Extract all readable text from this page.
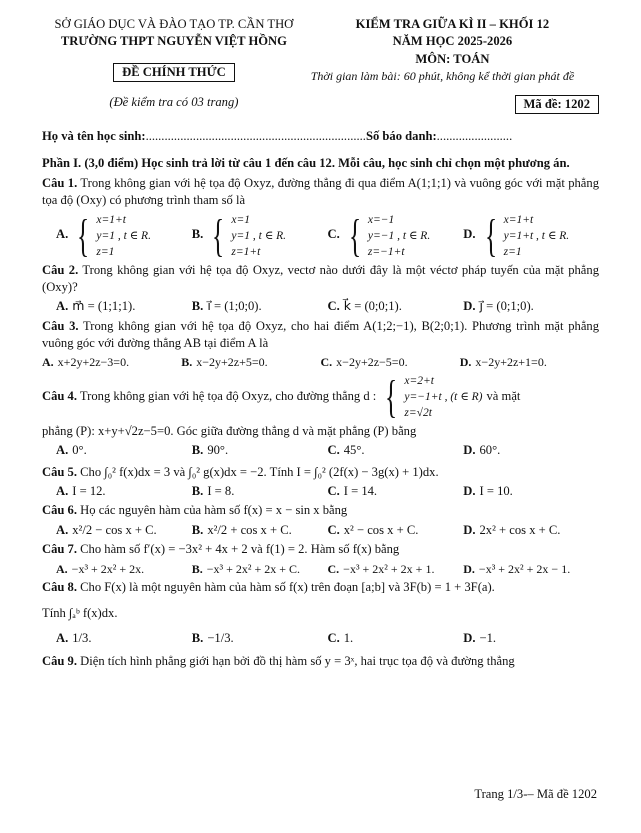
SỞ GIÁO DỤC VÀ ĐÀO TẠO TP. CẦN THƠ
TRƯỜNG THPT NGUYỄN VIỆT HỒNG
ĐỀ CHÍNH THỨC
(Đề kiểm tra có 03 trang)
KIỂM TRA GIỮA KÌ II – KHỐI 12
NĂM HỌC 2025-2026
MÔN: TOÁN
Thời gian làm bài: 60 phút, không kể thời gian phát đề
Mã đề: 1202
Họ và tên học sinh: ...................................................................... Số báo danh: ........................
Phần I. (3,0 điểm) Học sinh trả lời từ câu 1 đến câu 12. Mỗi câu, học sinh chỉ chọn một phương án.
Câu 1. Trong không gian với hệ tọa độ Oxyz, đường thẳng đi qua điểm A(1;1;1) và vuông góc với mặt phẳng tọa độ (Oxy) có phương trình tham số là
A. { x=1+t
y=1 , t ∈ R.
z=1
B. { x=1
y=1 , t ∈ R.
z=1+t
C. { x=−1
y=−1 , t ∈ R.
z=−1+t
D. { x=1+t
y=1+t , t ∈ R.
z=1
Câu 2. Trong không gian với hệ tọa độ Oxyz, vectơ nào dưới đây là một véctơ pháp tuyến của mặt phẳng (Oxy)?
A. m⃗ = (1;1;1).	B. i⃗ = (1;0;0).	C. k⃗ = (0;0;1).	D. j⃗ = (0;1;0).
Câu 3. Trong không gian với hệ tọa độ Oxyz, cho hai điểm A(1;2;−1), B(2;0;1). Phương trình mặt phẳng vuông góc với đường thẳng AB tại điểm A là
A. x+2y+2z−3=0.	B. x−2y+2z+5=0.	C. x−2y+2z−5=0.	D. x−2y+2z+1=0.
Câu 4. Trong không gian với hệ tọa độ Oxyz, cho đường thẳng d : { x=2+t
y=−1+t , (t ∈ R)
z=√2t
và mặt
phẳng (P): x+y+√2z−5=0. Góc giữa đường thẳng d và mặt phẳng (P) bằng
A. 0°.	B. 90°.	C. 45°.	D. 60°.
Câu 5. Cho ∫₀² f(x)dx = 3 và ∫₀² g(x)dx = −2. Tính I = ∫₀² (2f(x) − 3g(x) + 1)dx.
A. I = 12.	B. I = 8.	C. I = 14.	D. I = 10.
Câu 6. Họ các nguyên hàm của hàm số f(x) = x − sin x bằng
A. x²/2 − cos x + C.	B. x²/2 + cos x + C.	C. x² − cos x + C.	D. 2x² + cos x + C.
Câu 7. Cho hàm số f′(x) = −3x² + 4x + 2 và f(1) = 2. Hàm số f(x) bằng
A. −x³ + 2x² + 2x.	B. −x³ + 2x² + 2x + C.	C. −x³ + 2x² + 2x + 1.	D. −x³ + 2x² + 2x − 1.
Câu 8. Cho F(x) là một nguyên hàm của hàm số f(x) trên đoạn [a;b] và 3F(b) = 1 + 3F(a).
Tính ∫ₐᵇ f(x)dx.
A. 1/3.	B. −1/3.	C. 1.	D. −1.
Câu 9. Diện tích hình phẳng giới hạn bởi đồ thị hàm số y = 3ˣ, hai trục tọa độ và đường thẳng
Trang 1/3-– Mã đề 1202
